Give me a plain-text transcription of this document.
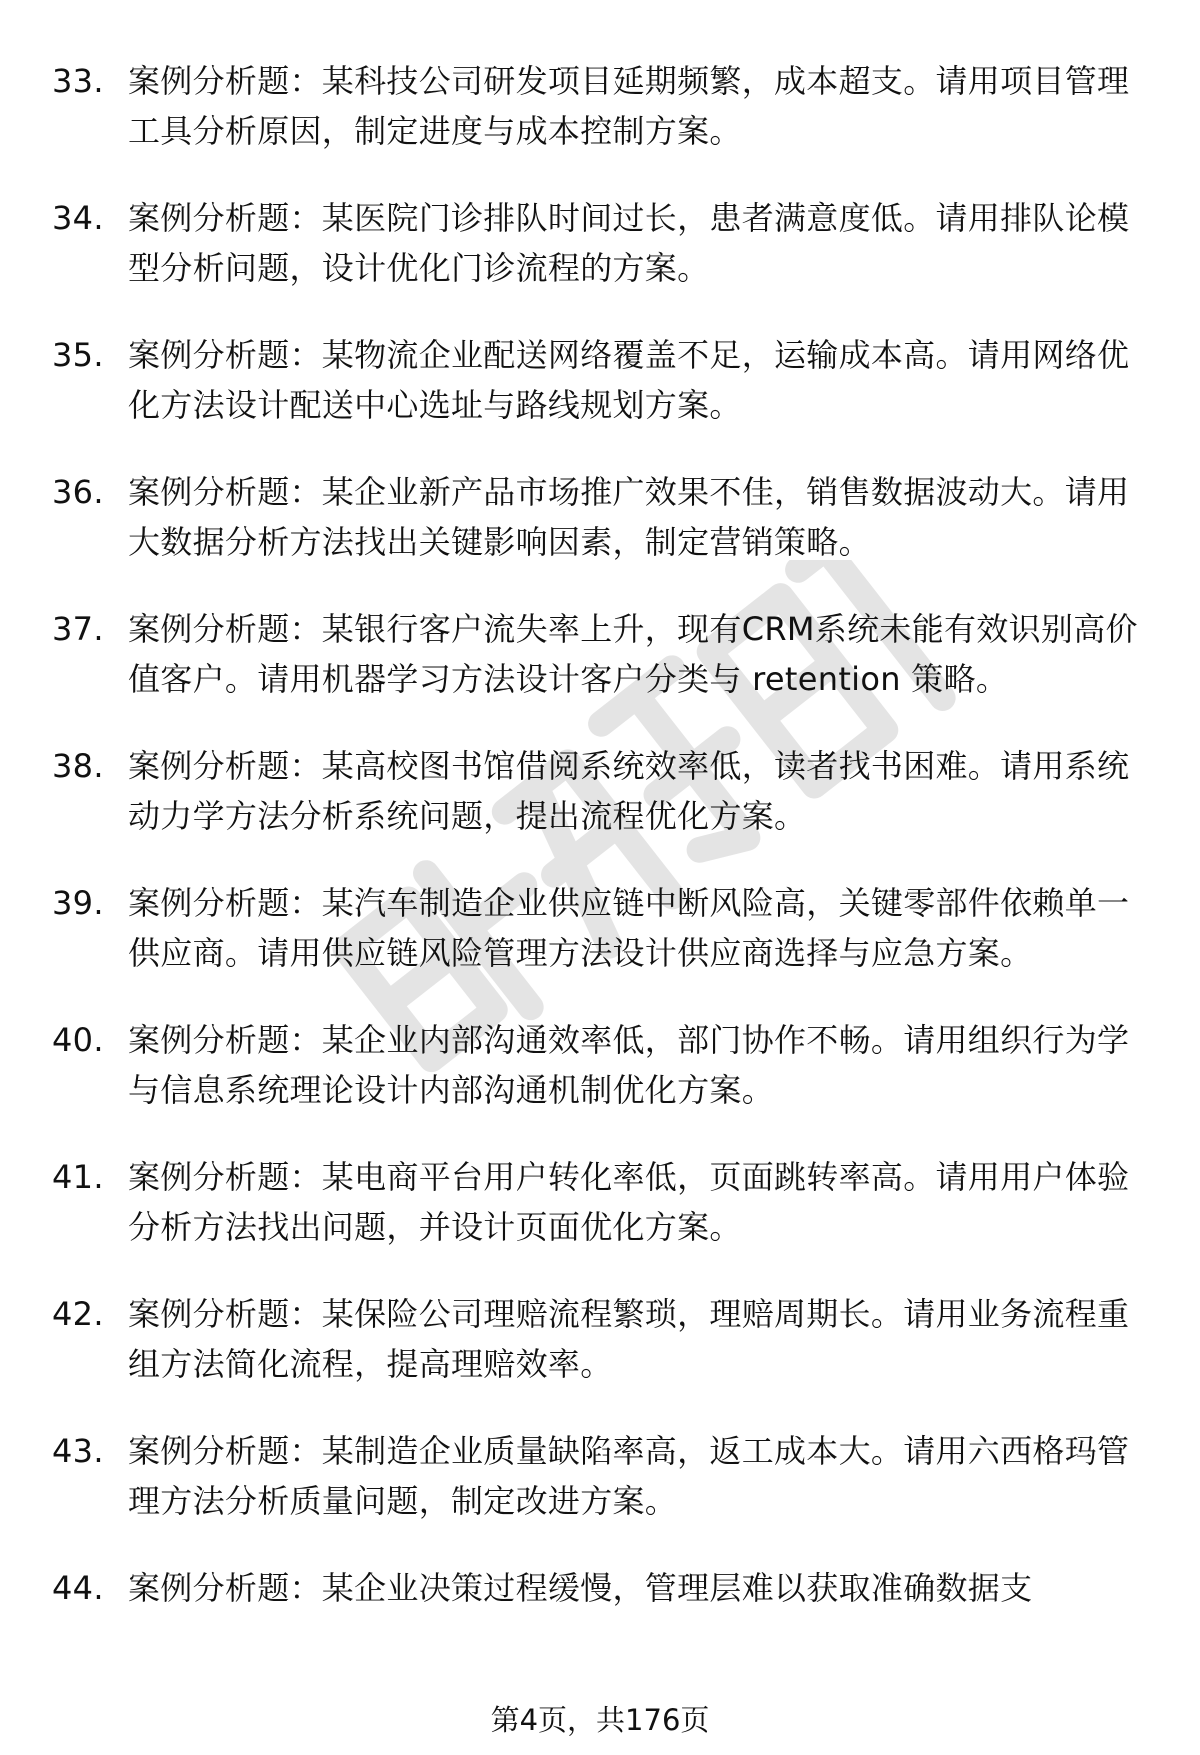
33. 案例分析题：某科技公司研发项目延期频繁，成本超支。请用项目管理工具分析原因，制定进度与成本控制方案。
34. 案例分析题：某医院门诊排队时间过长，患者满意度低。请用排队论模型分析问题，设计优化门诊流程的方案。
35. 案例分析题：某物流企业配送网络覆盖不足，运输成本高。请用网络优化方法设计配送中心选址与路线规划方案。
36. 案例分析题：某企业新产品市场推广效果不佳，销售数据波动大。请用大数据分析方法找出关键影响因素，制定营销策略。
37. 案例分析题：某银行客户流失率上升，现有CRM系统未能有效识别高价值客户。请用机器学习方法设计客户分类与 retention 策略。
38. 案例分析题：某高校图书馆借阅系统效率低，读者找书困难。请用系统动力学方法分析系统问题，提出流程优化方案。
39. 案例分析题：某汽车制造企业供应链中断风险高，关键零部件依赖单一供应商。请用供应链风险管理方法设计供应商选择与应急方案。
40. 案例分析题：某企业内部沟通效率低，部门协作不畅。请用组织行为学与信息系统理论设计内部沟通机制优化方案。
41. 案例分析题：某电商平台用户转化率低，页面跳转率高。请用用户体验分析方法找出问题，并设计页面优化方案。
42. 案例分析题：某保险公司理赔流程繁琐，理赔周期长。请用业务流程重组方法简化流程，提高理赔效率。
43. 案例分析题：某制造企业质量缺陷率高，返工成本大。请用六西格玛管理方法分析质量问题，制定改进方案。
44. 案例分析题：某企业决策过程缓慢，管理层难以获取准确数据支
第4页，共176页
